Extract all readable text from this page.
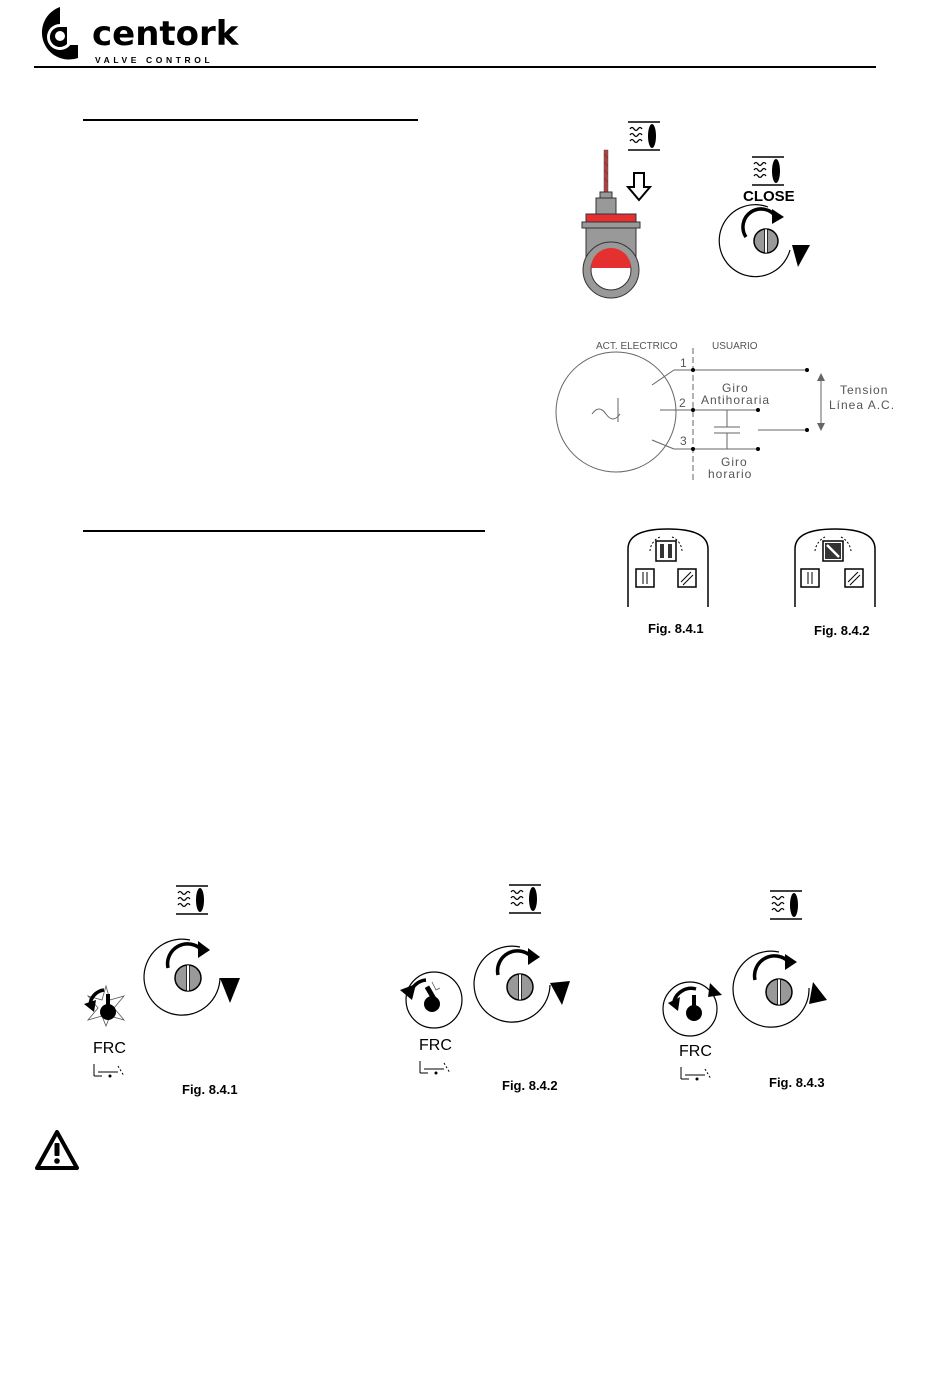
centork
VALVE CONTROL
CLOSE
ACT. ELECTRICO	USUARIO
1
2
3
Giro
Antihoraria
Giro
horario
Tension
Línea A.C.
Fig. 8.4.1	Fig. 8.4.2
FRC
Fig. 8.4.1
FRC
Fig. 8.4.2
FRC
Fig. 8.4.3
